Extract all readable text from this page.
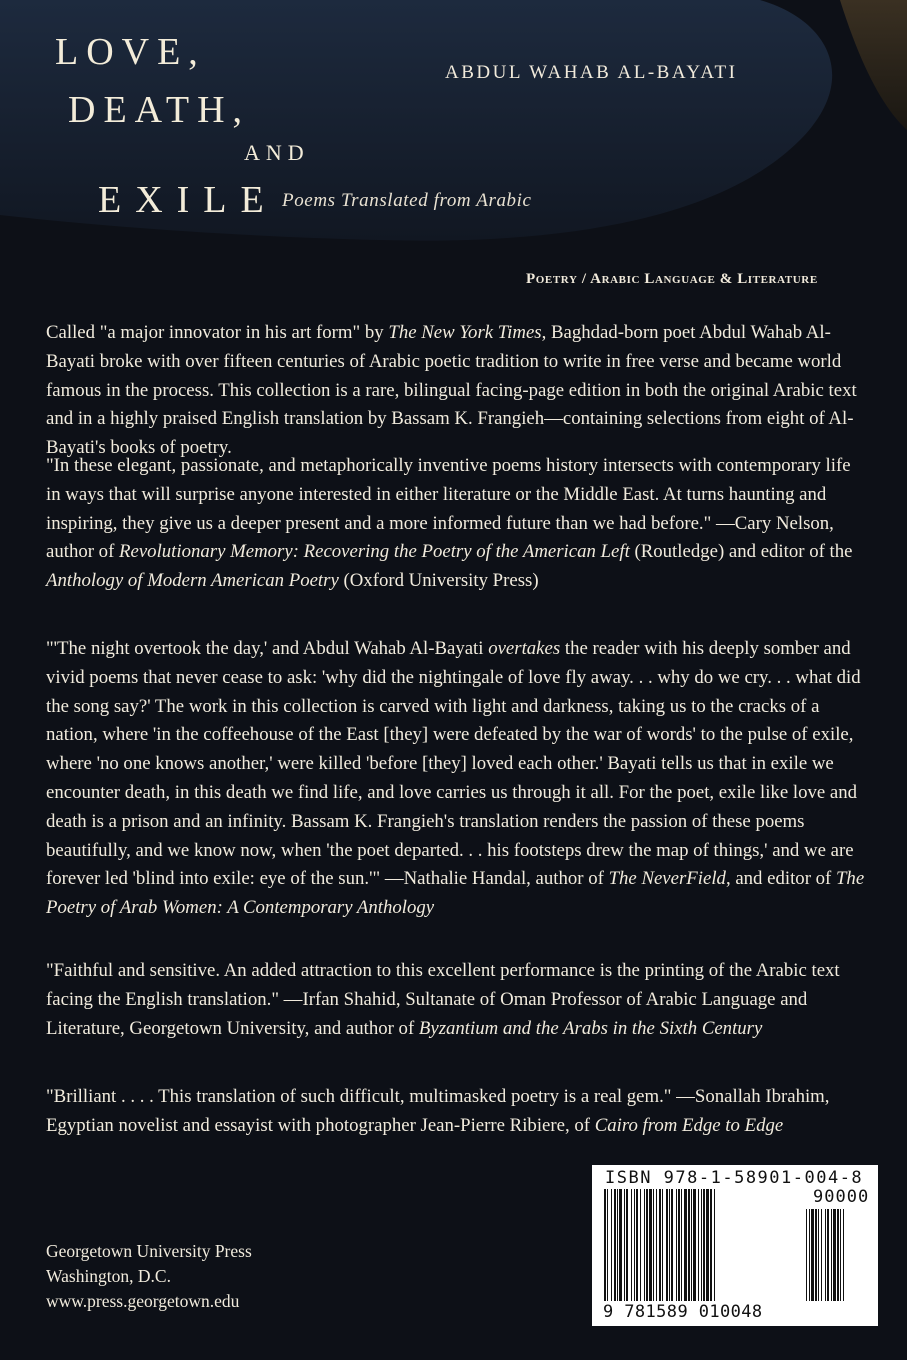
LOVE,
DEATH,
AND
EXILE

ABDUL WAHAB AL-BAYATI

Poems Translated from Arabic

Poetry / Arabic Language & Literature

Called "a major innovator in his art form" by The New York Times, Baghdad-born poet Abdul Wahab Al-Bayati broke with over fifteen centuries of Arabic poetic tradition to write in free verse and became world famous in the process. This collection is a rare, bilingual facing-page edition in both the original Arabic text and in a highly praised English translation by Bassam K. Frangieh—containing selections from eight of Al-Bayati's books of poetry.

"In these elegant, passionate, and metaphorically inventive poems history intersects with contemporary life in ways that will surprise anyone interested in either literature or the Middle East. At turns haunting and inspiring, they give us a deeper present and a more informed future than we had before." —Cary Nelson, author of Revolutionary Memory: Recovering the Poetry of the American Left (Routledge) and editor of the Anthology of Modern American Poetry (Oxford University Press)

"'The night overtook the day,' and Abdul Wahab Al-Bayati overtakes the reader with his deeply somber and vivid poems that never cease to ask: 'why did the nightingale of love fly away. . . why do we cry. . . what did the song say?' The work in this collection is carved with light and darkness, taking us to the cracks of a nation, where 'in the coffeehouse of the East [they] were defeated by the war of words' to the pulse of exile, where 'no one knows another,' were killed 'before [they] loved each other.' Bayati tells us that in exile we encounter death, in this death we find life, and love carries us through it all. For the poet, exile like love and death is a prison and an infinity. Bassam K. Frangieh's translation renders the passion of these poems beautifully, and we know now, when 'the poet departed. . . his footsteps drew the map of things,' and we are forever led 'blind into exile: eye of the sun.'" —Nathalie Handal, author of The NeverField, and editor of The Poetry of Arab Women: A Contemporary Anthology

"Faithful and sensitive. An added attraction to this excellent performance is the printing of the Arabic text facing the English translation." —Irfan Shahid, Sultanate of Oman Professor of Arabic Language and Literature, Georgetown University, and author of Byzantium and the Arabs in the Sixth Century

"Brilliant . . . . This translation of such difficult, multimasked poetry is a real gem." —Sonallah Ibrahim, Egyptian novelist and essayist with photographer Jean-Pierre Ribiere, of Cairo from Edge to Edge

Georgetown University Press
Washington, D.C.
www.press.georgetown.edu

ISBN 978-1-58901-004-8

90000

9 781589 010048
